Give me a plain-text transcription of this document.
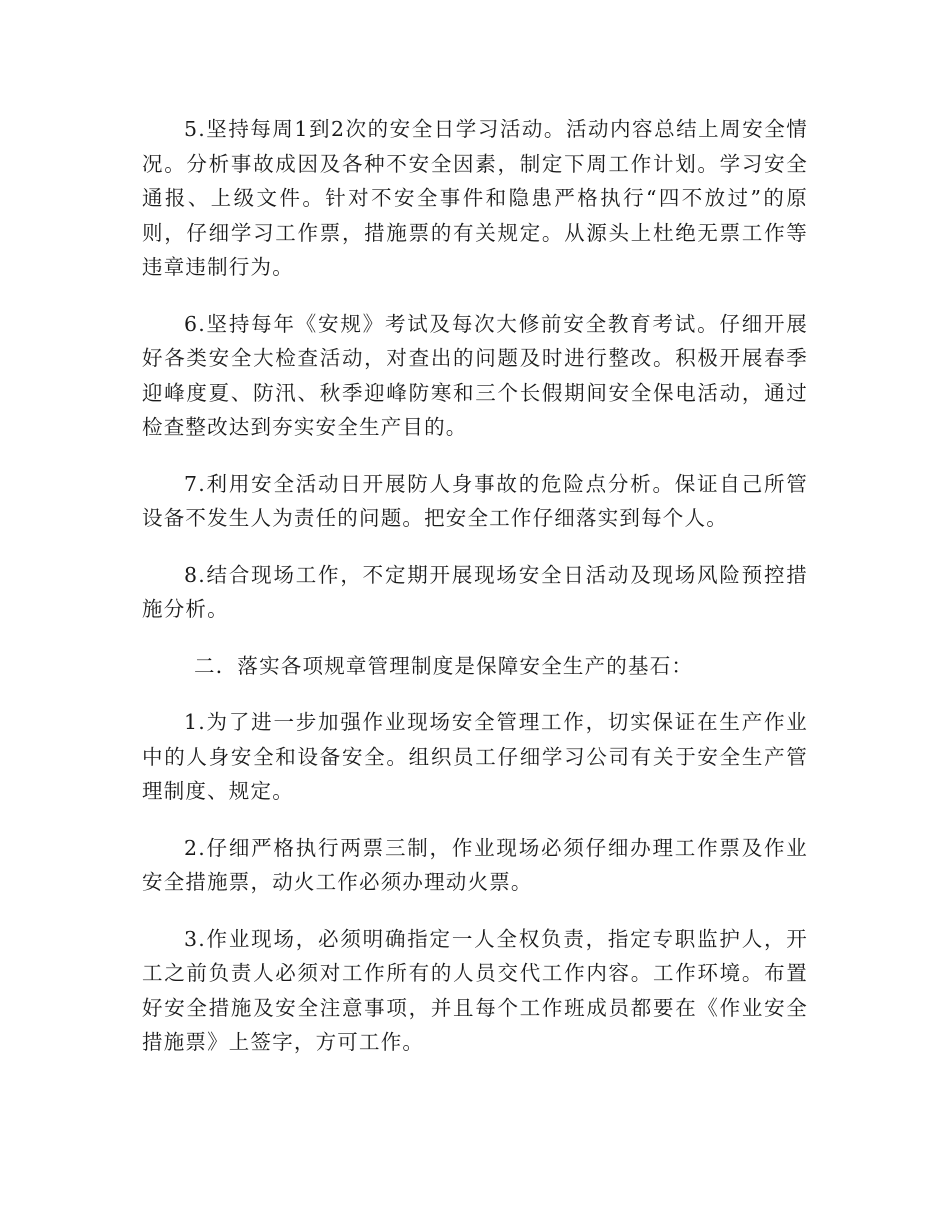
5.坚持每周1到2次的安全日学习活动。活动内容总结上周安全情况。分析事故成因及各种不安全因素，制定下周工作计划。学习安全通报、上级文件。针对不安全事件和隐患严格执行“四不放过”的原则，仔细学习工作票，措施票的有关规定。从源头上杜绝无票工作等违章违制行为。

6.坚持每年《安规》考试及每次大修前安全教育考试。仔细开展好各类安全大检查活动，对查出的问题及时进行整改。积极开展春季迎峰度夏、防汛、秋季迎峰防寒和三个长假期间安全保电活动，通过检查整改达到夯实安全生产目的。

7.利用安全活动日开展防人身事故的危险点分析。保证自己所管设备不发生人为责任的问题。把安全工作仔细落实到每个人。

8.结合现场工作，不定期开展现场安全日活动及现场风险预控措施分析。

二．落实各项规章管理制度是保障安全生产的基石：

1.为了进一步加强作业现场安全管理工作，切实保证在生产作业中的人身安全和设备安全。组织员工仔细学习公司有关于安全生产管理制度、规定。

2.仔细严格执行两票三制，作业现场必须仔细办理工作票及作业安全措施票，动火工作必须办理动火票。

3.作业现场，必须明确指定一人全权负责，指定专职监护人，开工之前负责人必须对工作所有的人员交代工作内容。工作环境。布置好安全措施及安全注意事项，并且每个工作班成员都要在《作业安全措施票》上签字，方可工作。
